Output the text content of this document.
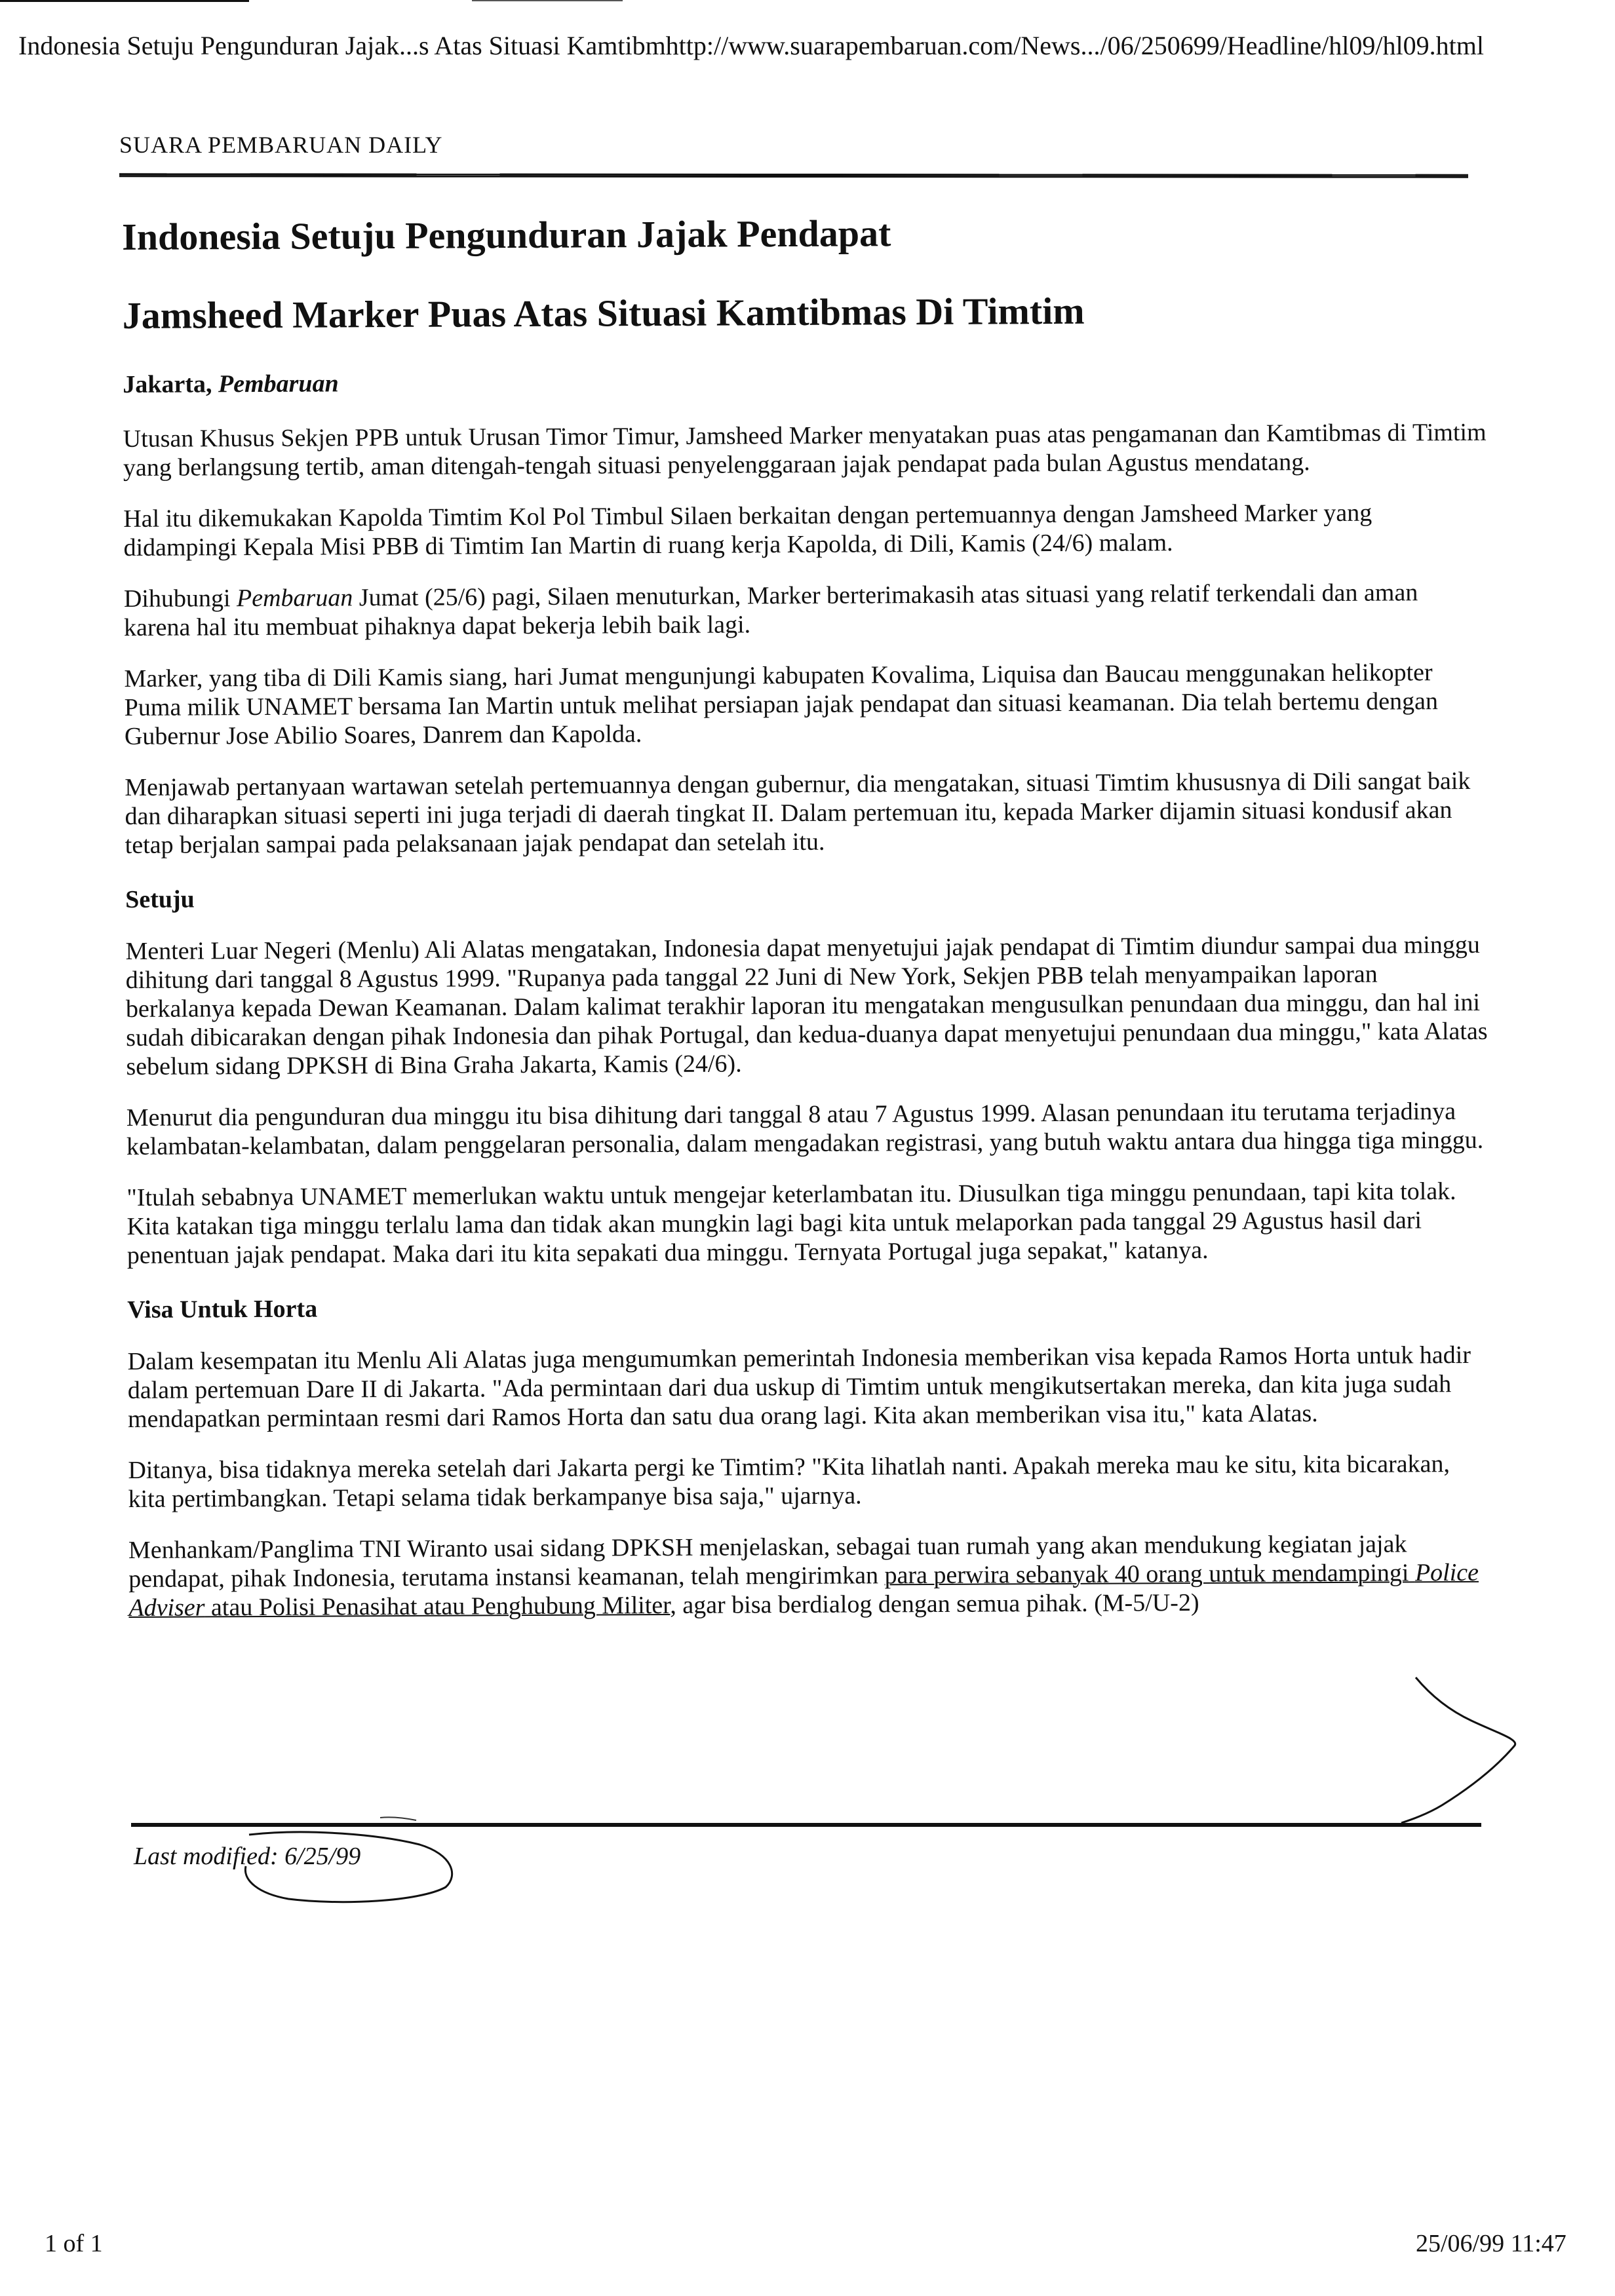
Indonesia Setuju Pengunduran Jajak...s Atas Situasi Kamtibmhttp://www.suarapembaruan.com/News.../06/250699/Headline/hl09/hl09.html
SUARA PEMBARUAN DAILY
Indonesia Setuju Pengunduran Jajak Pendapat
Jamsheed Marker Puas Atas Situasi Kamtibmas Di Timtim
Jakarta, Pembaruan

Utusan Khusus Sekjen PPB untuk Urusan Timor Timur, Jamsheed Marker menyatakan puas atas pengamanan dan Kamtibmas di Timtim yang berlangsung tertib, aman ditengah-tengah situasi penyelenggaraan jajak pendapat pada bulan Agustus mendatang.

Hal itu dikemukakan Kapolda Timtim Kol Pol Timbul Silaen berkaitan dengan pertemuannya dengan Jamsheed Marker yang didampingi Kepala Misi PBB di Timtim Ian Martin di ruang kerja Kapolda, di Dili, Kamis (24/6) malam.

Dihubungi Pembaruan Jumat (25/6) pagi, Silaen menuturkan, Marker berterimakasih atas situasi yang relatif terkendali dan aman karena hal itu membuat pihaknya dapat bekerja lebih baik lagi.

Marker, yang tiba di Dili Kamis siang, hari Jumat mengunjungi kabupaten Kovalima, Liquisa dan Baucau menggunakan helikopter Puma milik UNAMET bersama Ian Martin untuk melihat persiapan jajak pendapat dan situasi keamanan. Dia telah bertemu dengan Gubernur Jose Abilio Soares, Danrem dan Kapolda.

Menjawab pertanyaan wartawan setelah pertemuannya dengan gubernur, dia mengatakan, situasi Timtim khususnya di Dili sangat baik dan diharapkan situasi seperti ini juga terjadi di daerah tingkat II. Dalam pertemuan itu, kepada Marker dijamin situasi kondusif akan tetap berjalan sampai pada pelaksanaan jajak pendapat dan setelah itu.

Setuju

Menteri Luar Negeri (Menlu) Ali Alatas mengatakan, Indonesia dapat menyetujui jajak pendapat di Timtim diundur sampai dua minggu dihitung dari tanggal 8 Agustus 1999. "Rupanya pada tanggal 22 Juni di New York, Sekjen PBB telah menyampaikan laporan berkalanya kepada Dewan Keamanan. Dalam kalimat terakhir laporan itu mengatakan mengusulkan penundaan dua minggu, dan hal ini sudah dibicarakan dengan pihak Indonesia dan pihak Portugal, dan kedua-duanya dapat menyetujui penundaan dua minggu," kata Alatas sebelum sidang DPKSH di Bina Graha Jakarta, Kamis (24/6).

Menurut dia pengunduran dua minggu itu bisa dihitung dari tanggal 8 atau 7 Agustus 1999. Alasan penundaan itu terutama terjadinya kelambatan-kelambatan, dalam penggelaran personalia, dalam mengadakan registrasi, yang butuh waktu antara dua hingga tiga minggu.

"Itulah sebabnya UNAMET memerlukan waktu untuk mengejar keterlambatan itu. Diusulkan tiga minggu penundaan, tapi kita tolak. Kita katakan tiga minggu terlalu lama dan tidak akan mungkin lagi bagi kita untuk melaporkan pada tanggal 29 Agustus hasil dari penentuan jajak pendapat. Maka dari itu kita sepakati dua minggu. Ternyata Portugal juga sepakat," katanya.

Visa Untuk Horta

Dalam kesempatan itu Menlu Ali Alatas juga mengumumkan pemerintah Indonesia memberikan visa kepada Ramos Horta untuk hadir dalam pertemuan Dare II di Jakarta. "Ada permintaan dari dua uskup di Timtim untuk mengikutsertakan mereka, dan kita juga sudah mendapatkan permintaan resmi dari Ramos Horta dan satu dua orang lagi. Kita akan memberikan visa itu," kata Alatas.

Ditanya, bisa tidaknya mereka setelah dari Jakarta pergi ke Timtim? "Kita lihatlah nanti. Apakah mereka mau ke situ, kita bicarakan, kita pertimbangkan. Tetapi selama tidak berkampanye bisa saja," ujarnya.

Menhankam/Panglima TNI Wiranto usai sidang DPKSH menjelaskan, sebagai tuan rumah yang akan mendukung kegiatan jajak pendapat, pihak Indonesia, terutama instansi keamanan, telah mengirimkan para perwira sebanyak 40 orang untuk mendampingi Police Adviser atau Polisi Penasihat atau Penghubung Militer, agar bisa berdialog dengan semua pihak. (M-5/U-2)

Last modified: 6/25/99
1 of 1	25/06/99 11:47
